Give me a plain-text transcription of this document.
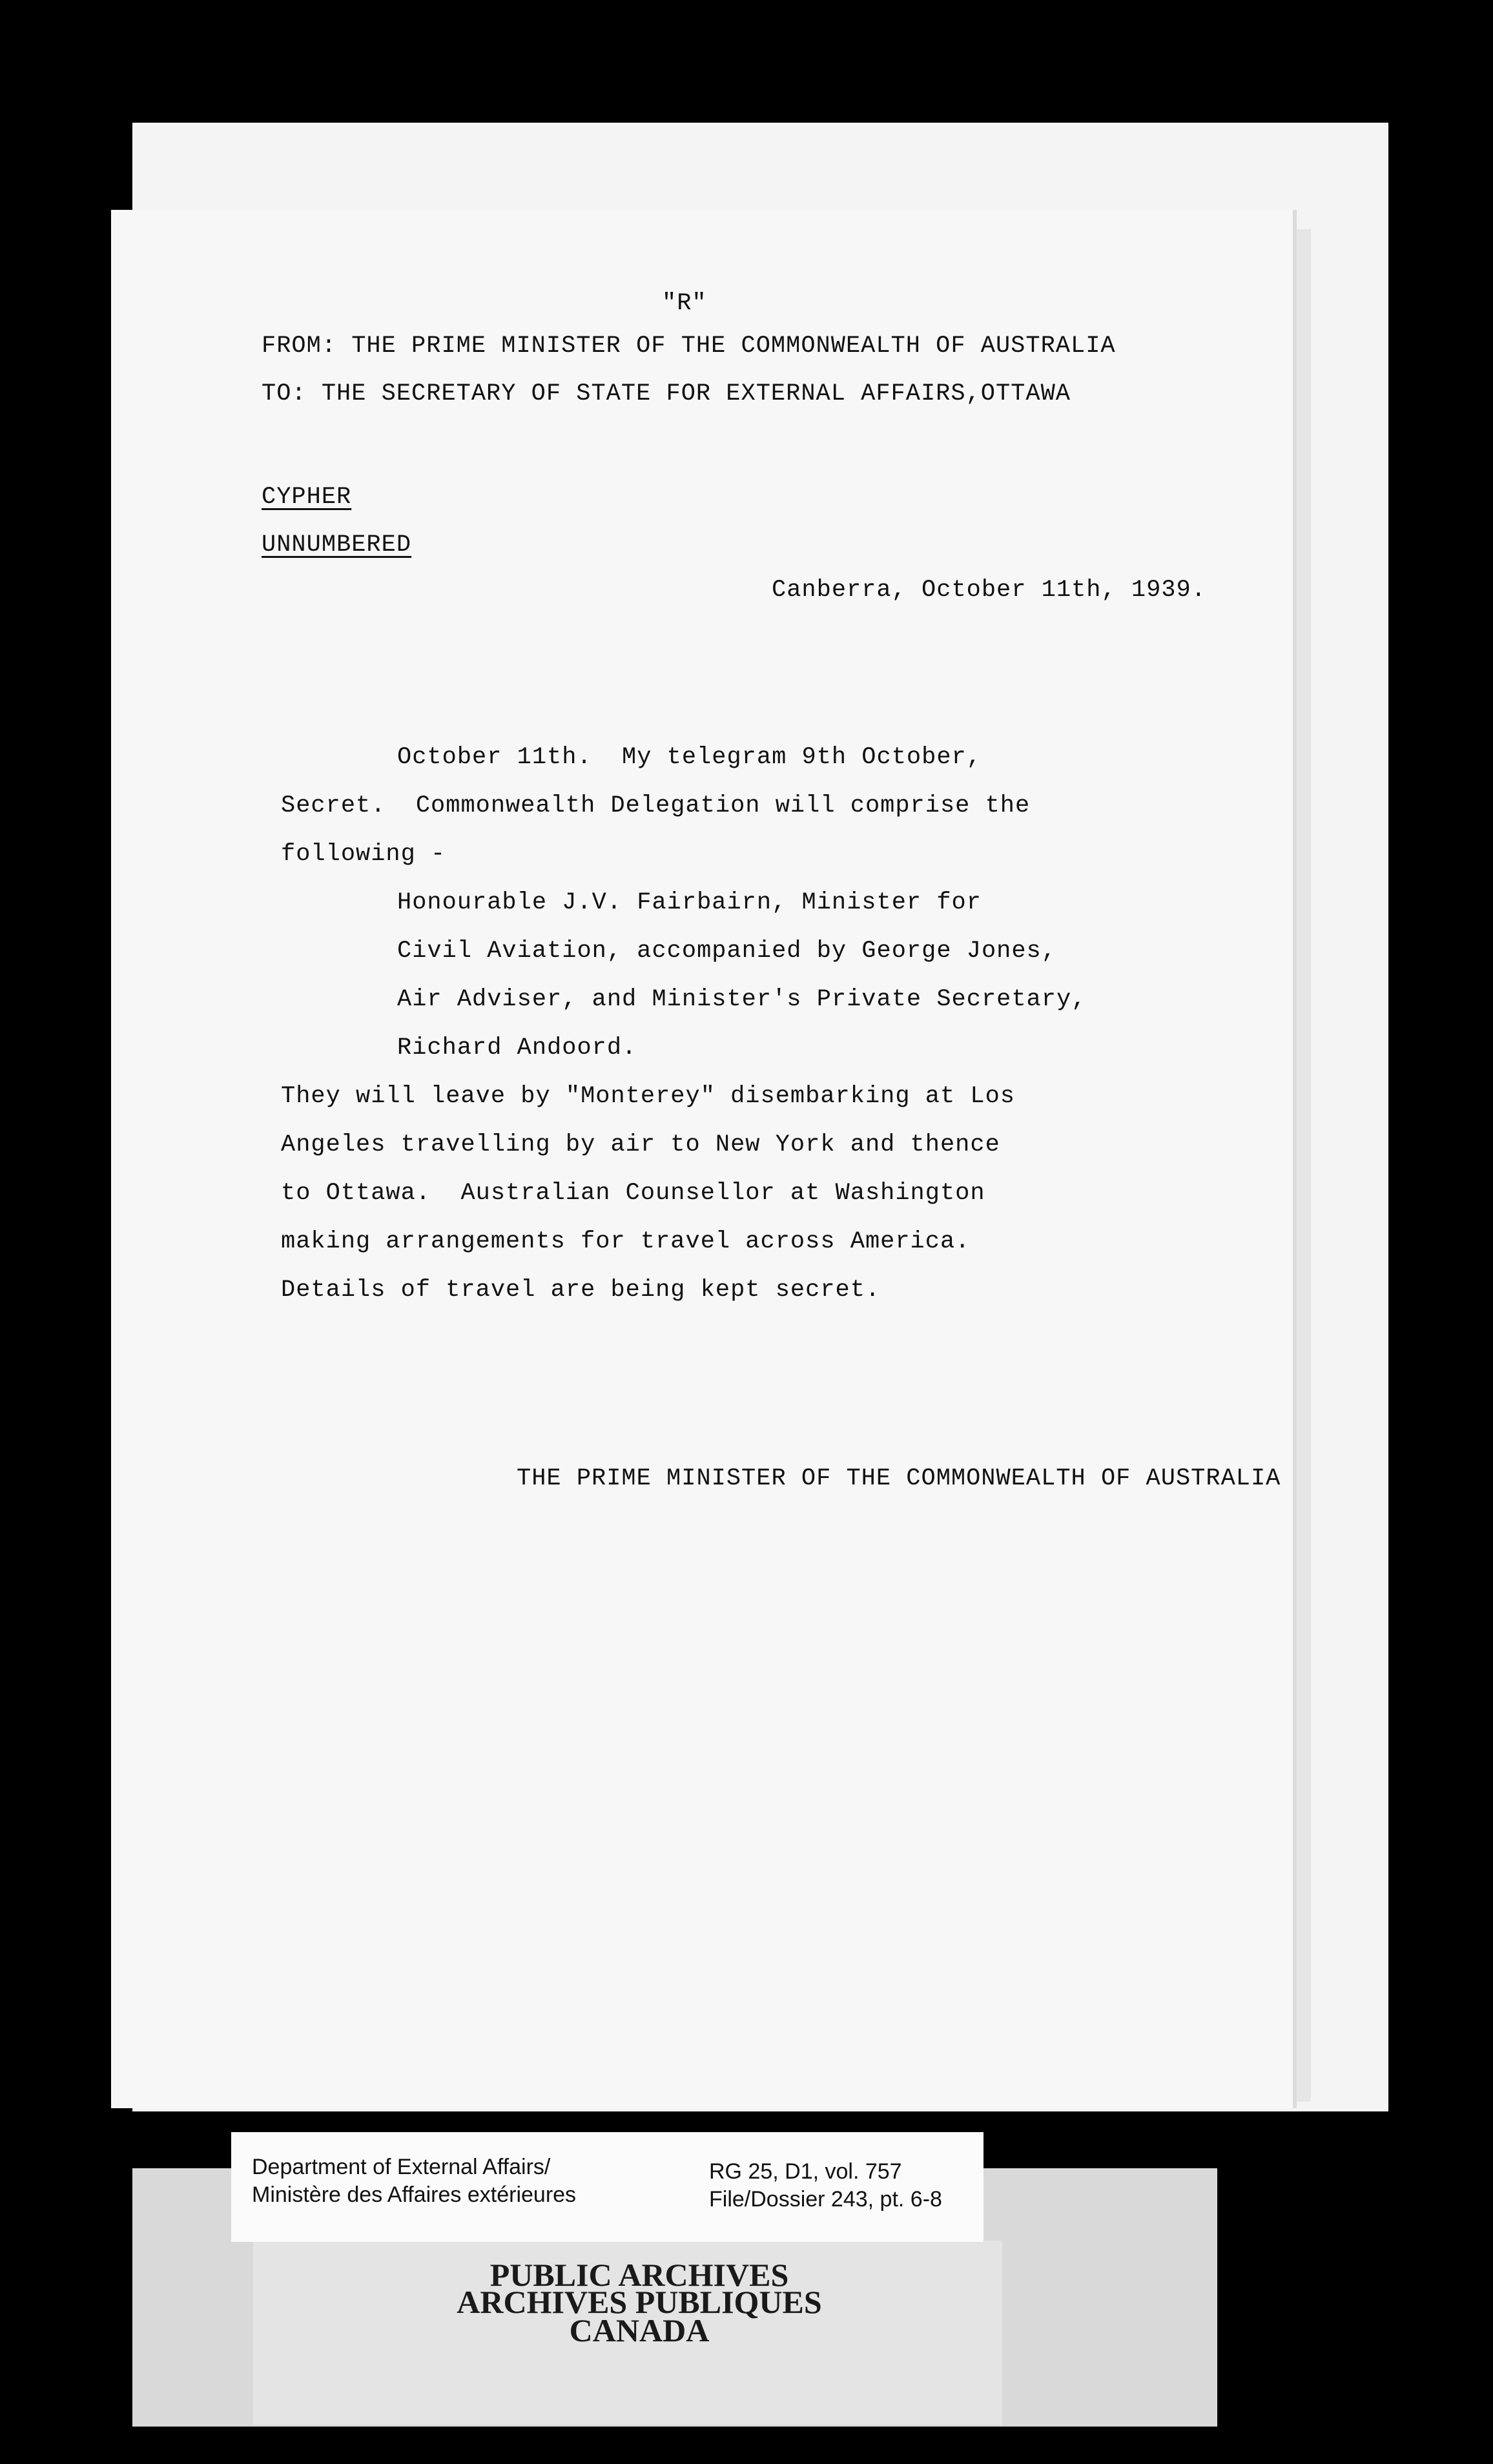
"R"
FROM: THE PRIME MINISTER OF THE COMMONWEALTH OF AUSTRALIA
TO: THE SECRETARY OF STATE FOR EXTERNAL AFFAIRS,OTTAWA
CYPHER
UNNUMBERED
Canberra, October 11th, 1939.
October 11th.  My telegram 9th October,
Secret.  Commonwealth Delegation will comprise the
following -
Honourable J.V. Fairbairn, Minister for
Civil Aviation, accompanied by George Jones,
Air Adviser, and Minister's Private Secretary,
Richard Andoord.
They will leave by "Monterey" disembarking at Los
Angeles travelling by air to New York and thence
to Ottawa.  Australian Counsellor at Washington
making arrangements for travel across America.
Details of travel are being kept secret.
THE PRIME MINISTER OF THE COMMONWEALTH OF AUSTRALIA
Department of External Affairs/
Ministère des Affaires extérieures
RG 25, D1, vol. 757
File/Dossier 243, pt. 6-8
PUBLIC ARCHIVES
ARCHIVES PUBLIQUES
CANADA
